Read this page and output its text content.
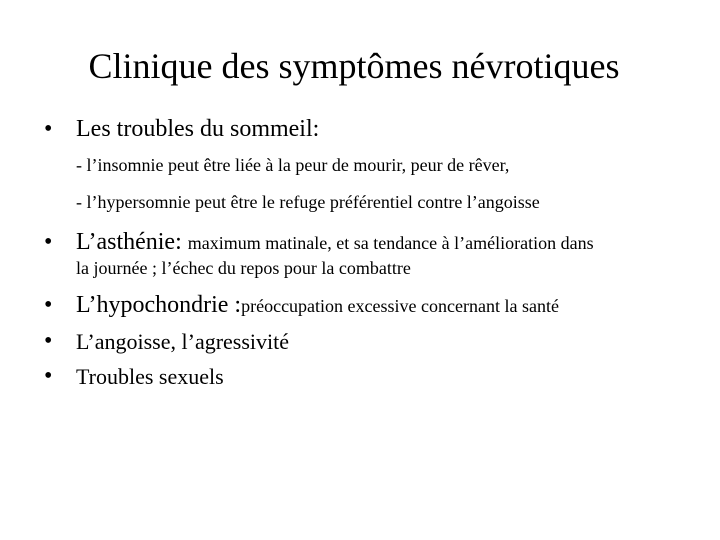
Clinique des symptômes névrotiques
• Les troubles du sommeil:
- l’insomnie peut être liée à la peur de mourir, peur de rêver,
- l’hypersomnie peut être le refuge préférentiel contre l’angoisse
• L’asthénie: maximum matinale, et sa tendance à l’amélioration dans
la journée ; l’échec du repos pour la combattre
• L’hypochondrie :préoccupation excessive concernant la santé
• L’angoisse, l’agressivité
• Troubles sexuels
